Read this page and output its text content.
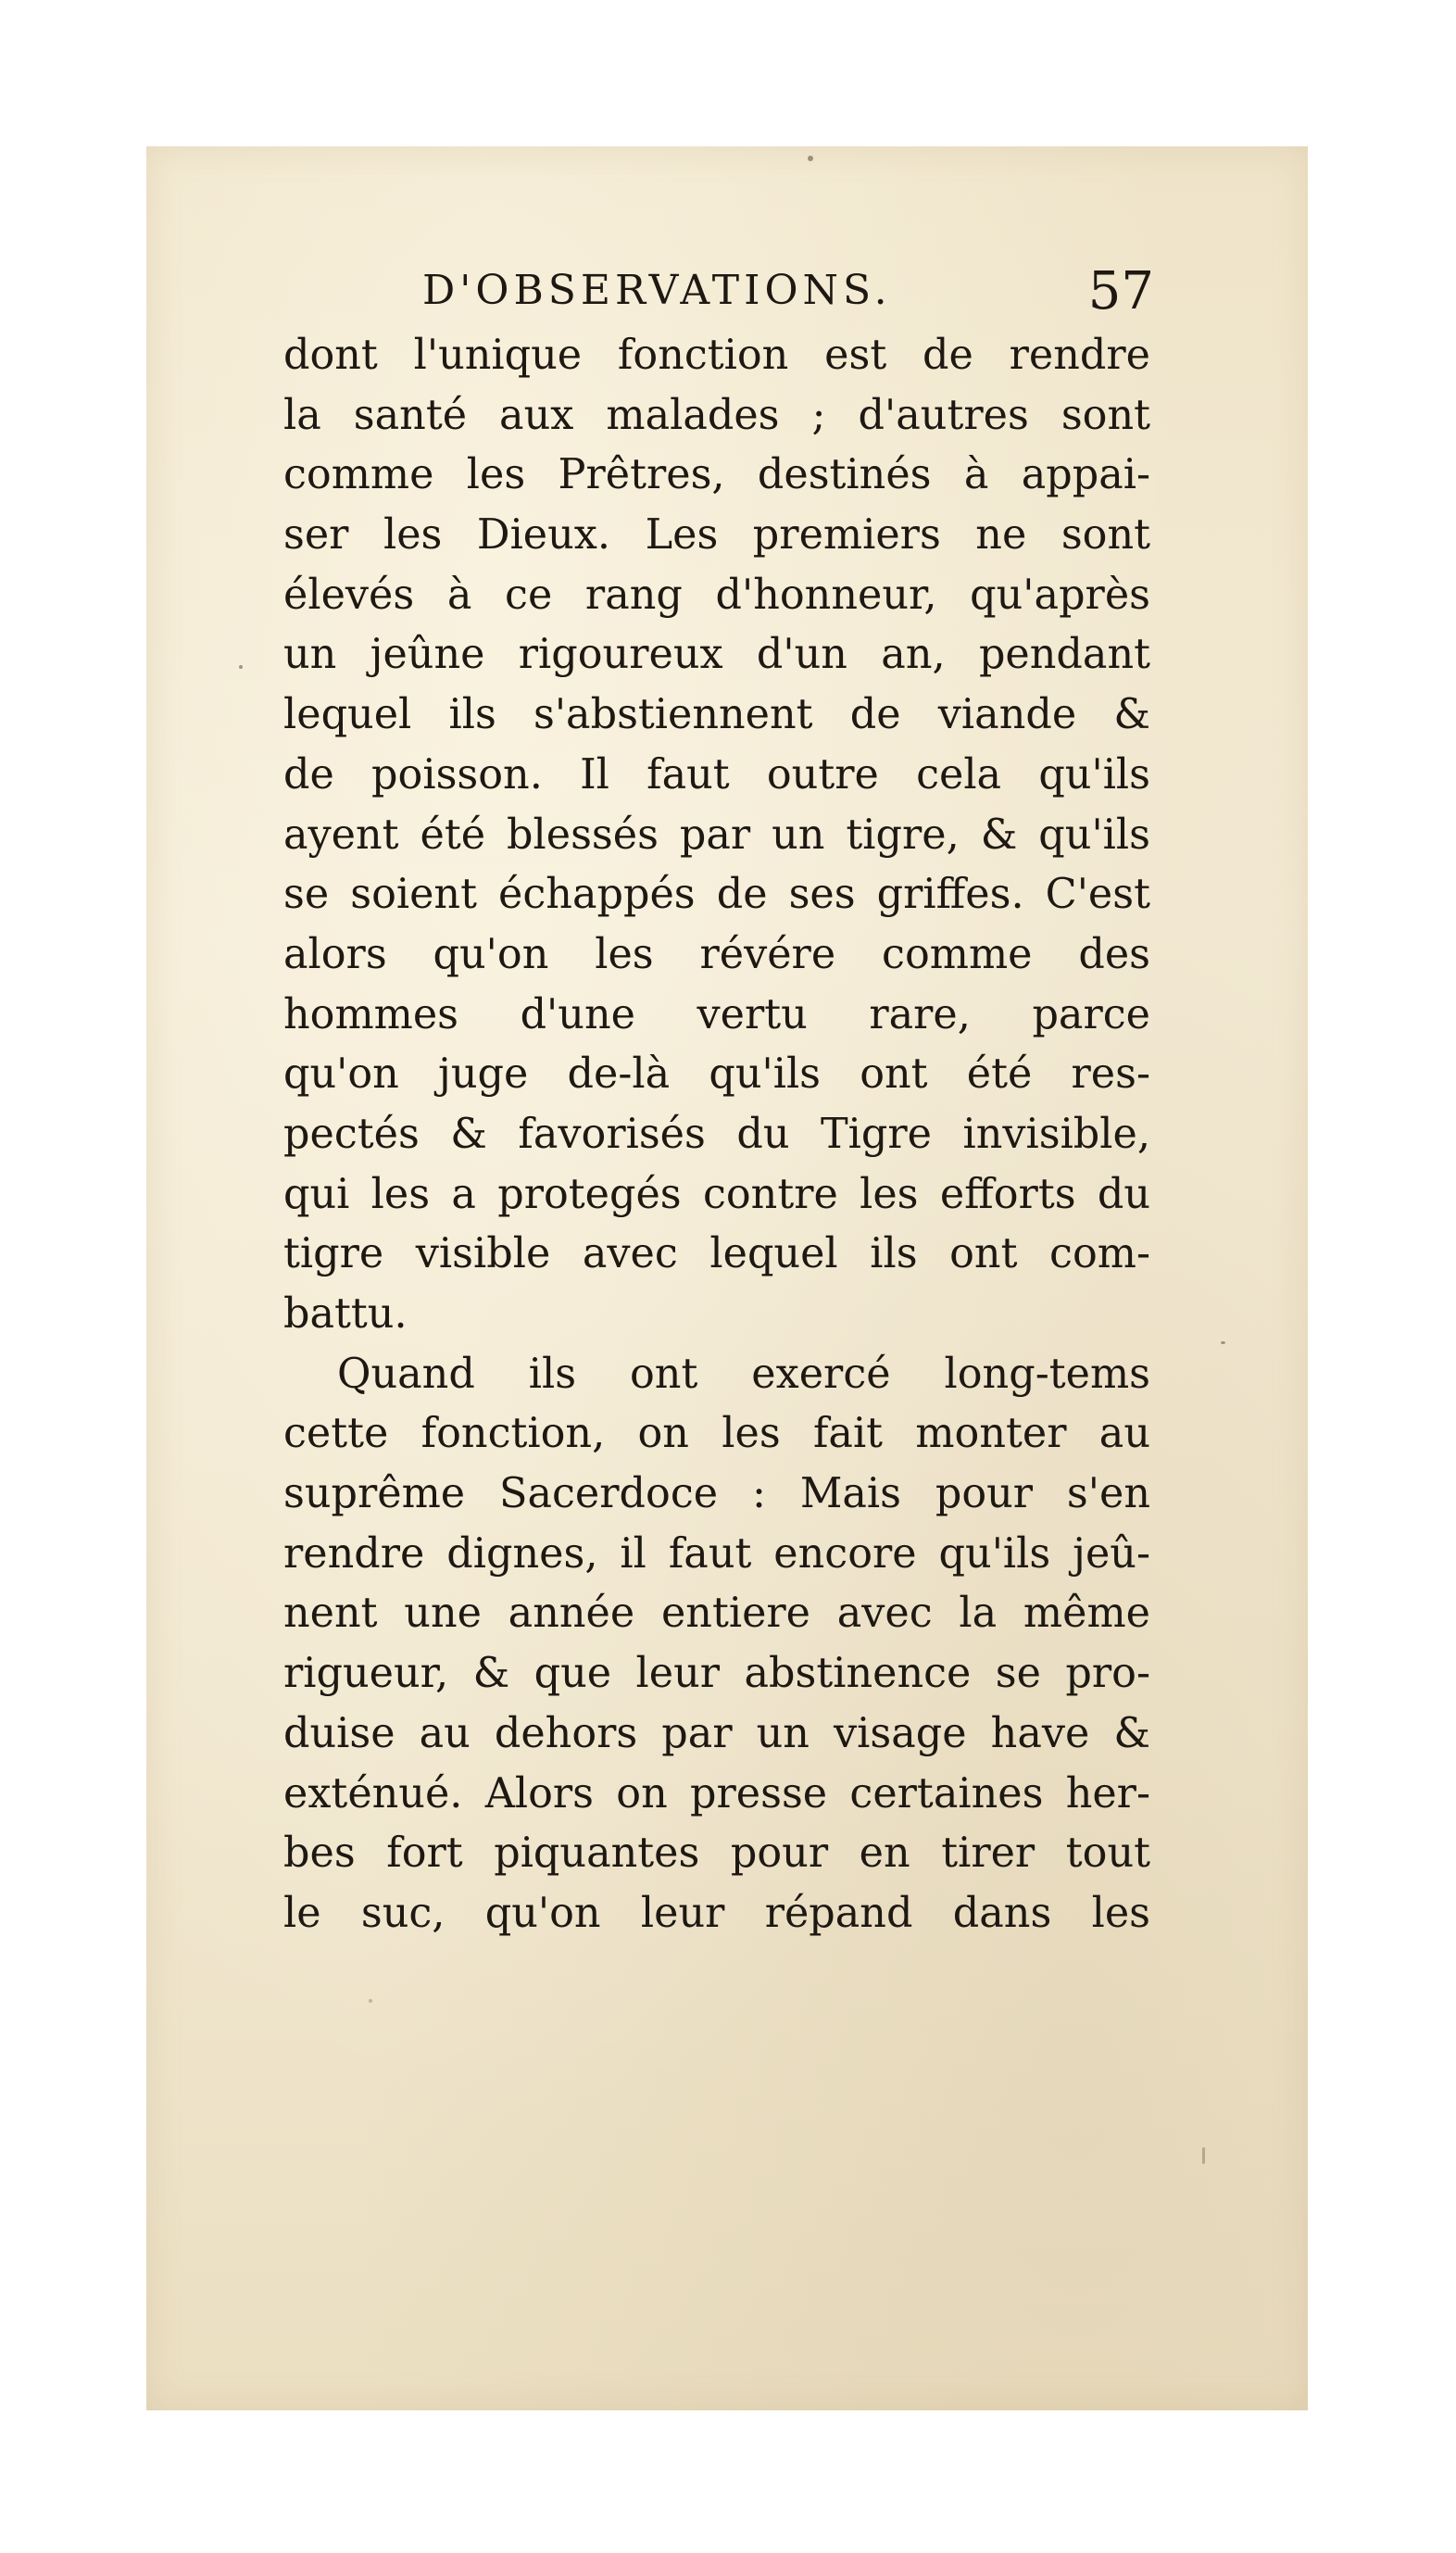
D'OBSERVATIONS.	57
dont l'unique fonction est de rendre
la santé aux malades ; d'autres sont
comme les Prêtres, destinés à appai-
ser les Dieux. Les premiers ne sont
élevés à ce rang d'honneur, qu'après
un jeûne rigoureux d'un an, pendant
lequel ils s'abstiennent de viande &
de poisson. Il faut outre cela qu'ils
ayent été blessés par un tigre, & qu'ils
se soient échappés de ses griffes. C'est
alors qu'on les révére comme des
hommes d'une vertu rare, parce
qu'on juge de-là qu'ils ont été res-
pectés & favorisés du Tigre invisible,
qui les a protegés contre les efforts du
tigre visible avec lequel ils ont com-
battu.
Quand ils ont exercé long-tems
cette fonction, on les fait monter au
suprême Sacerdoce : Mais pour s'en
rendre dignes, il faut encore qu'ils jeû-
nent une année entiere avec la même
rigueur, & que leur abstinence se pro-
duise au dehors par un visage have &
exténué. Alors on presse certaines her-
bes fort piquantes pour en tirer tout
le suc, qu'on leur répand dans les
